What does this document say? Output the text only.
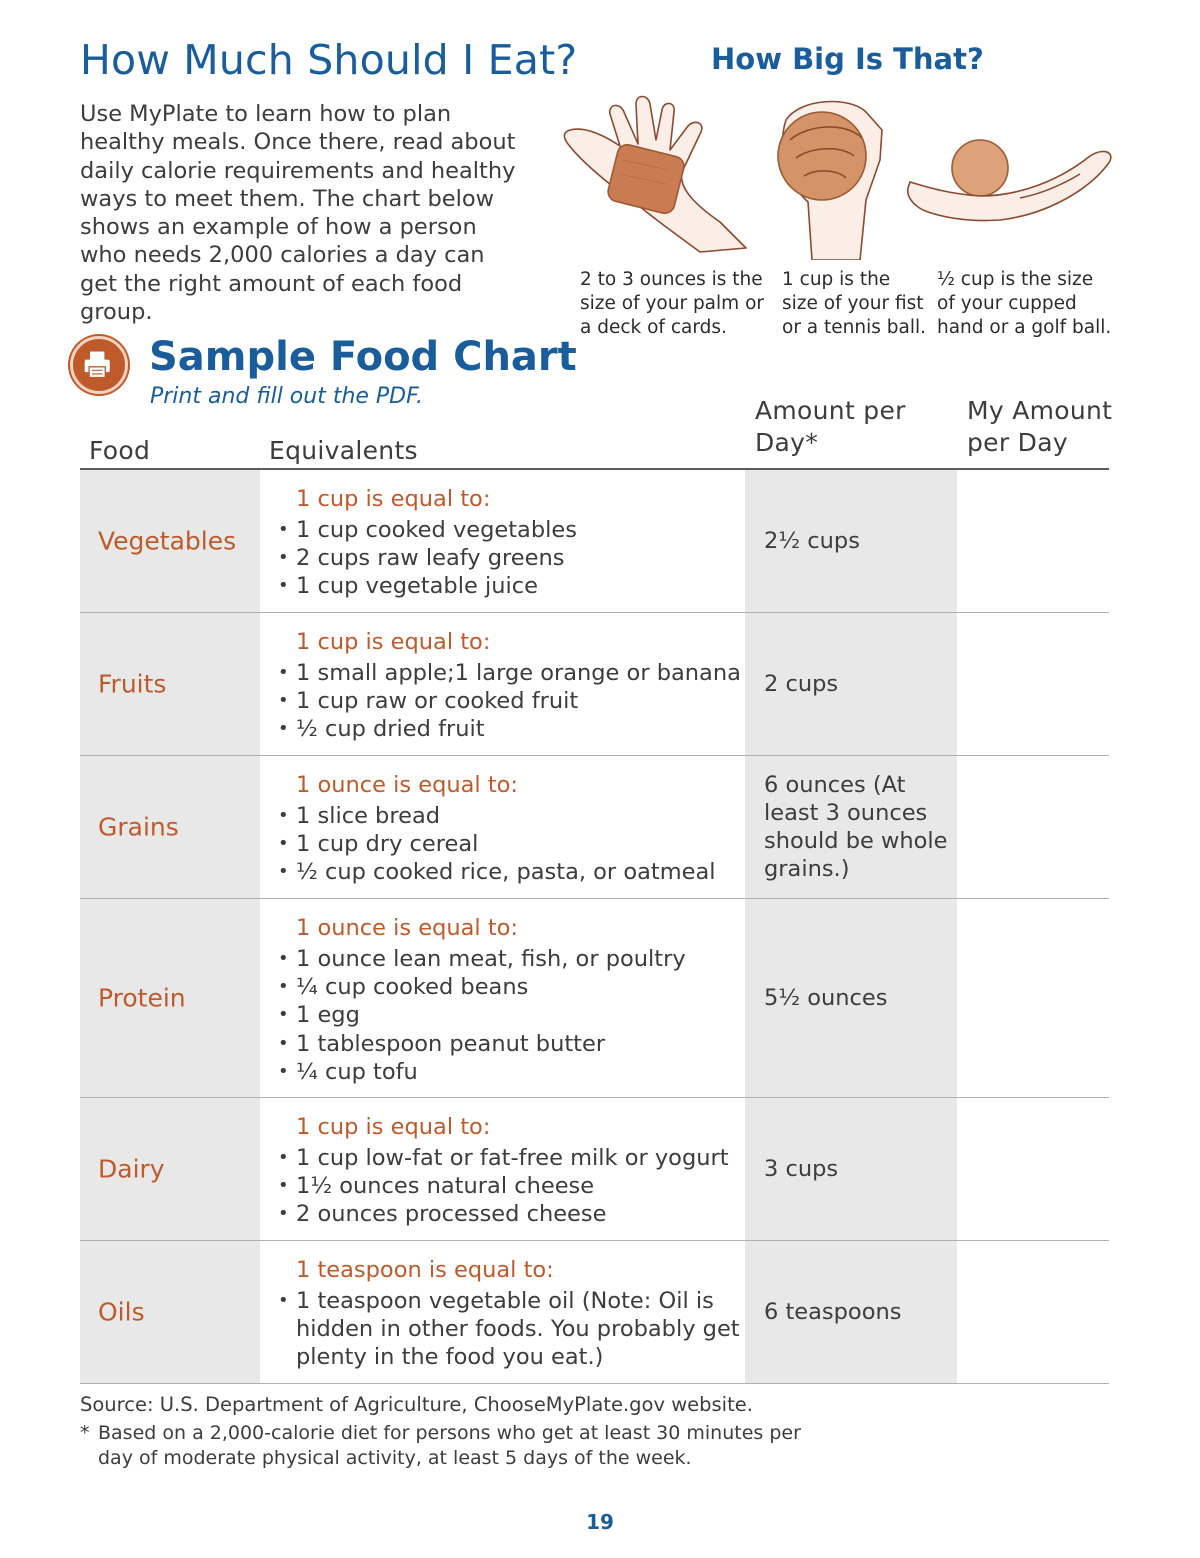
How Much Should I Eat?

Use MyPlate to learn how to plan healthy meals. Once there, read about daily calorie requirements and healthy ways to meet them. The chart below shows an example of how a person who needs 2,000 calories a day can get the right amount of each food group.

How Big Is That?
2 to 3 ounces is the size of your palm or a deck of cards.
1 cup is the size of your fist or a tennis ball.
½ cup is the size of your cupped hand or a golf ball.
Sample Food Chart
Print and fill out the PDF.
Food	Equivalents
Amount per Day*
My Amount per Day
Vegetables
1 cup is equal to:
• 1 cup cooked vegetables
• 2 cups raw leafy greens
• 1 cup vegetable juice
2½ cups
Fruits
1 cup is equal to:
• 1 small apple;1 large orange or banana
• 1 cup raw or cooked fruit
• ½ cup dried fruit
2 cups
Grains
1 ounce is equal to:
• 1 slice bread
• 1 cup dry cereal
• ½ cup cooked rice, pasta, or oatmeal
6 ounces (At least 3 ounces should be whole grains.)
Protein
1 ounce is equal to:
• 1 ounce lean meat, fish, or poultry
• ¼ cup cooked beans
• 1 egg
• 1 tablespoon peanut butter
• ¼ cup tofu
5½ ounces
Dairy
1 cup is equal to:
• 1 cup low-fat or fat-free milk or yogurt
• 1½ ounces natural cheese
• 2 ounces processed cheese
3 cups
Oils
1 teaspoon is equal to:
• 1 teaspoon vegetable oil (Note: Oil is hidden in other foods. You probably get plenty in the food you eat.)
6 teaspoons
Source: U.S. Department of Agriculture, ChooseMyPlate.gov website.
* Based on a 2,000-calorie diet for persons who get at least 30 minutes per day of moderate physical activity, at least 5 days of the week.
19
